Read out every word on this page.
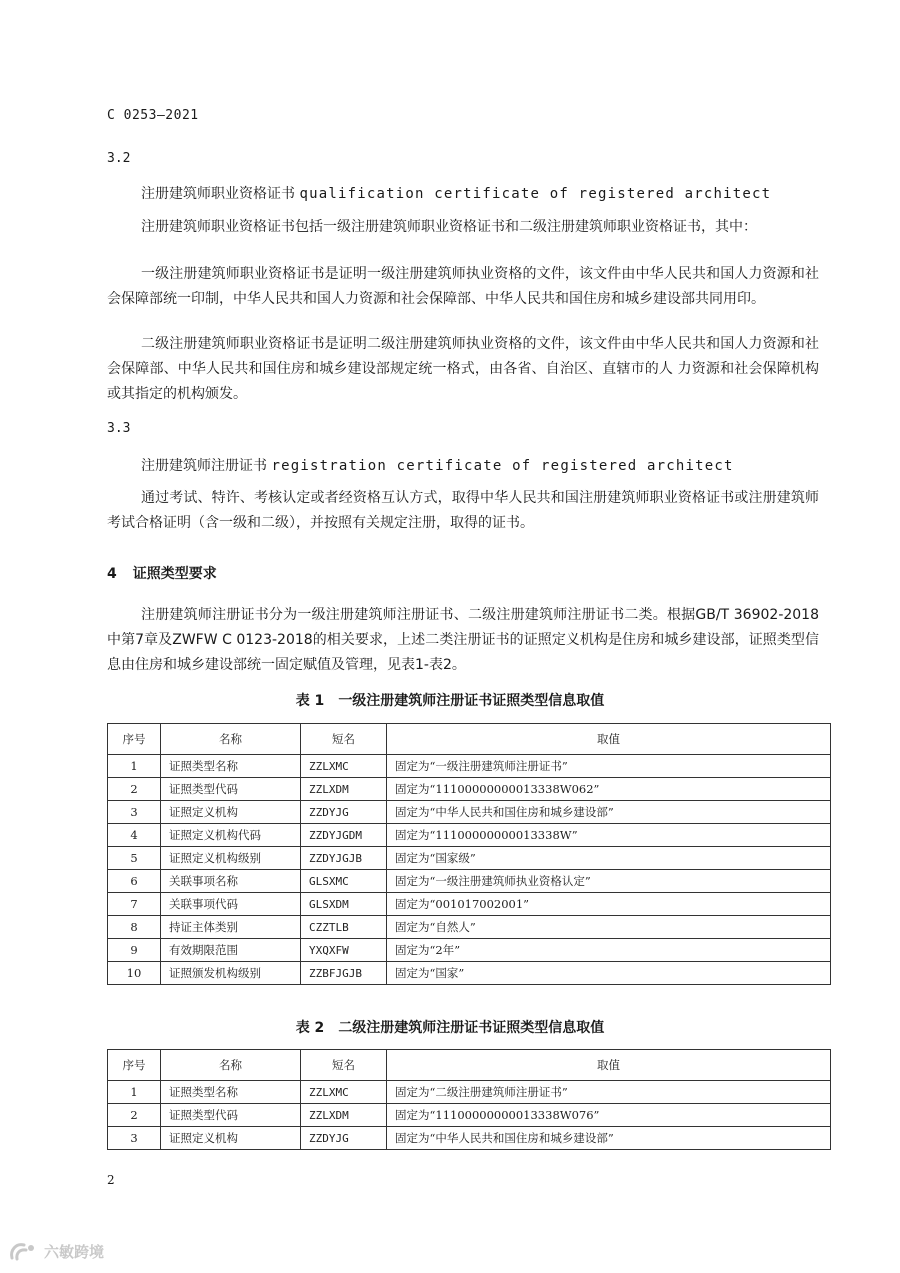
C 0253—2021
3.2
注册建筑师职业资格证书 qualification certificate of registered architect

注册建筑师职业资格证书包括一级注册建筑师职业资格证书和二级注册建筑师职业资格证书，其中：

一级注册建筑师职业资格证书是证明一级注册建筑师执业资格的文件，该文件由中华人民共和国人力资源和社会保障部统一印制，中华人民共和国人力资源和社会保障部、中华人民共和国住房和城乡建设部共同用印。

二级注册建筑师职业资格证书是证明二级注册建筑师执业资格的文件，该文件由中华人民共和国人力资源和社会保障部、中华人民共和国住房和城乡建设部规定统一格式，由各省、自治区、直辖市的人 力资源和社会保障机构或其指定的机构颁发。

3.3
注册建筑师注册证书 registration certificate of registered architect

通过考试、特许、考核认定或者经资格互认方式，取得中华人民共和国注册建筑师职业资格证书或注册建筑师考试合格证明（含一级和二级），并按照有关规定注册，取得的证书。

4 证照类型要求

注册建筑师注册证书分为一级注册建筑师注册证书、二级注册建筑师注册证书二类。根据GB/T 36902-2018中第7章及ZWFW C 0123-2018的相关要求，上述二类注册证书的证照定义机构是住房和城乡建设部，证照类型信息由住房和城乡建设部统一固定赋值及管理，见表1-表2。

表 1 一级注册建筑师注册证书证照类型信息取值
序号	名称	短名	取值
1	证照类型名称	ZZLXMC	固定为“一级注册建筑师注册证书”
2	证照类型代码	ZZLXDM	固定为“11100000000013338W062”
3	证照定义机构	ZZDYJG	固定为“中华人民共和国住房和城乡建设部”
4	证照定义机构代码	ZZDYJGDM	固定为“11100000000013338W”
5	证照定义机构级别	ZZDYJGJB	固定为“国家级”
6	关联事项名称	GLSXMC	固定为“一级注册建筑师执业资格认定”
7	关联事项代码	GLSXDM	固定为“001017002001”
8	持证主体类别	CZZTLB	固定为“自然人”
9	有效期限范围	YXQXFW	固定为“2年”
10	证照颁发机构级别	ZZBFJGJB	固定为“国家”
表 2 二级注册建筑师注册证书证照类型信息取值
序号	名称	短名	取值
1	证照类型名称	ZZLXMC	固定为“二级注册建筑师注册证书”
2	证照类型代码	ZZLXDM	固定为“11100000000013338W076”
3	证照定义机构	ZZDYJG	固定为“中华人民共和国住房和城乡建设部”
2
六敏跨境
